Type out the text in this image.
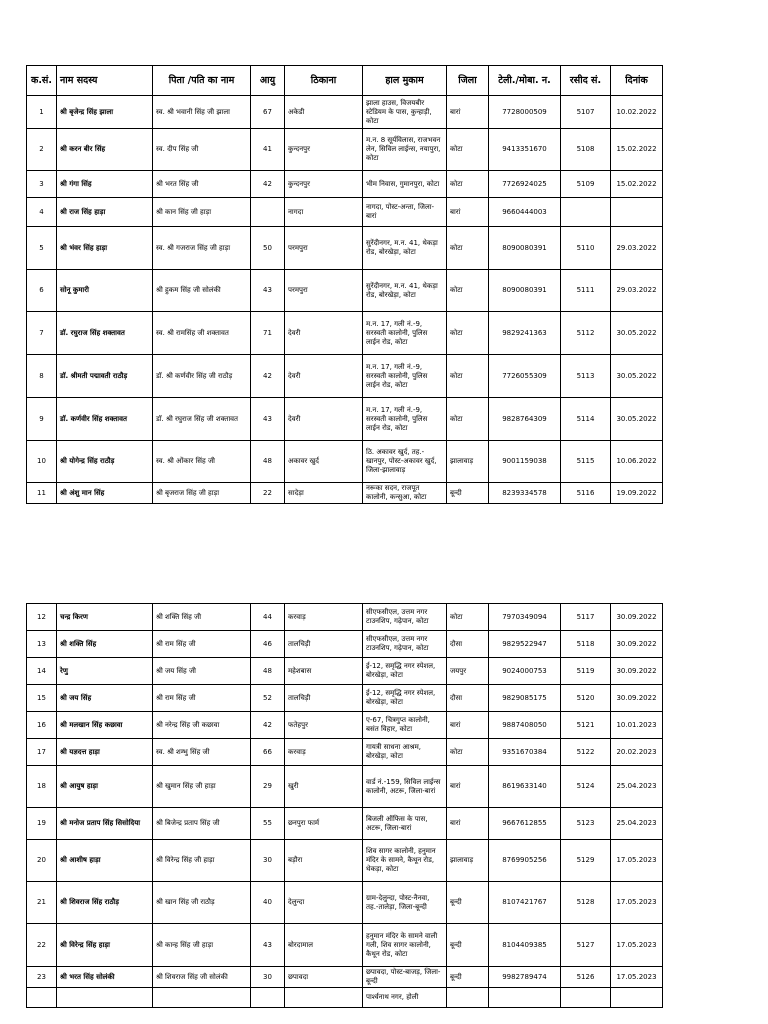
क.सं.	नाम सदस्य	पिता /पति का नाम	आयु	ठिकाना	हाल मुकाम	जिला	टेली./मोबा. न.	रसीद सं.	दिनांक
1	श्री बृजेन्द्र सिंह झाला	स्व. श्री भवानी सिंह जी झाला	67	अकेडी	झाला हाउस, विजयबीर स्टेडियम के पास, कुन्हाड़ी, कोटा	बारां	7728000509	5107	10.02.2022
2	श्री करन बीर सिंह	स्व. दीप सिंह जी	41	कुन्दनपुर	म.न. 8 सूर्यविलास, राजभवन लेन, सिविल लाईन्स, नयापुरा, कोटा	कोटा	9413351670	5108	15.02.2022
3	श्री गंगा सिंह	श्री भरत सिंह जी	42	कुन्दनपुर	भीम निवास, गुमानपुरा, कोटा	कोटा	7726924025	5109	15.02.2022
4	श्री राज सिंह हाड़ा	श्री कान सिंह जी हाड़ा		नागदा	नागदा, पोस्ट-अन्ता, जिला-बारां	बारां	9660444003		
5	श्री भंवर सिंह हाड़ा	स्व. श्री गजराज सिंह जी हाड़ा	50	परमपुरा	सुरेंदीनगर, म.न. 41, थेकड़ा रोड, बोरखेड़ा, कोटा	कोटा	8090080391	5110	29.03.2022
6	सोनू कुमारी	श्री हुकम सिंह जी सोलंकी	43	परमपुरा	सुरेंदीनगर, म.न. 41, थेकड़ा रोड, बोरखेड़ा, कोटा	कोटा	8090080391	5111	29.03.2022
7	डॉ. रघुराज सिंह शक्तावत	स्व. श्री रामसिंह जी शक्तावत	71	देवरी	म.न. 17, गली नं.-9, सरस्वती कालोनी, पुलिस लाईन रोड, कोटा	कोटा	9829241363	5112	30.05.2022
8	डॉ. श्रीमती पद्मावती राठौड़	डॉ. श्री कर्णवीर सिंह जी राठौड़	42	देवरी	म.न. 17, गली नं.-9, सरस्वती कालोनी, पुलिस लाईन रोड, कोटा	कोटा	7726055309	5113	30.05.2022
9	डॉ. कर्णवीर सिंह शक्तावत	डॉ. श्री रघुराज सिंह जी शक्तावत	43	देवरी	म.न. 17, गली नं.-9, सरस्वती कालोनी, पुलिस लाईन रोड, कोटा	कोटा	9828764309	5114	30.05.2022
10	श्री योगेन्द्र सिंह राठौड़	स्व. श्री ओंकार सिंह जी	48	अकावर खुर्द	ठि. अकावर खुर्द, तह.-खानपुर, पोस्ट-अकावर खुर्द, जिला-झालावाड़	झालावाड़	9001159038	5115	10.06.2022
11	श्री अंशु मान सिंह	श्री बृजराज सिंह जी हाड़ा	22	सादेड़ा	नरूका सदन, राजपूत कालोनी, कन्सुआ, कोटा	बून्दी	8239334578	5116	19.09.2022
12	चन्द्र किरण	श्री शक्ति सिंह जी	44	करवाड़	सीएफसीएल, उत्तम नगर टाउनशिप, गढ़ेपान, कोटा	कोटा	7970349094	5117	30.09.2022
13	श्री शक्ति सिंह	श्री राम सिंह जी	46	तालचिड़ी	सीएफसीएल, उत्तम नगर टाउनशिप, गढ़ेपान, कोटा	दौसा	9829522947	5118	30.09.2022
14	रेणु	श्री जय सिंह जी	48	महेशबास	ई-12, समृद्धि नगर स्पेशल, बोरखेड़ा, कोटा	जयपुर	9024000753	5119	30.09.2022
15	श्री जय सिंह	श्री राम सिंह जी	52	तालचिड़ी	ई-12, समृद्धि नगर स्पेशल, बोरखेड़ा, कोटा	दौसा	9829085175	5120	30.09.2022
16	श्री मलखान सिंह कछावा	श्री नरेन्द्र सिंह जी कछावा	42	फतेहपुर	ए-67, चित्रगुप्त कालोनी, बसंत विहार, कोटा	बारां	9887408050	5121	10.01.2023
17	श्री यज्ञदत्त हाड़ा	स्व. श्री शम्भु सिंह जी	66	करवाड़	गायत्री साधना आश्रम, बोरखेड़ा, कोटा	कोटा	9351670384	5122	20.02.2023
18	श्री आयुष हाड़ा	श्री खुमान सिंह जी हाड़ा	29	खुरी	वार्ड नं.-159, सिविल लाईन्स कालोनी, अटरू, जिला-बारां	बारां	8619633140	5124	25.04.2023
19	श्री मनोज प्रताप सिंह सिसोदिया	श्री बिजेन्द्र प्रताप सिंह जी	55	छनपुरा फार्म	बिजली ऑफिस के पास, अटरू, जिला-बारां	बारां	9667612855	5123	25.04.2023
20	श्री आशीष हाड़ा	श्री विरेन्द्र सिंह जी हाड़ा	30	बड़ौरा	शिव सागर कालोनी, हनुमान मंदिर के सामने, कैथून रोड, थेकड़ा, कोटा	झालावाड़	8769905256	5129	17.05.2023
21	श्री शिवराज सिंह राठौड़	श्री खान सिंह जी राठौड़	40	देलुन्दा	ग्राम-देलुन्दा, पोस्ट-नैनवा, तह.-तालेड़ा, जिला-बून्दी	बून्दी	8107421767	5128	17.05.2023
22	श्री विरेन्द्र सिंह हाड़ा	श्री कान्ह सिंह जी हाड़ा	43	बोरदामाल	हनुमान मंदिर के सामने वाली गली, शिव सागर कालोनी, कैथून रोड, कोटा	बून्दी	8104409385	5127	17.05.2023
23	श्री भरत सिंह सोलंकी	श्री शिवराज सिंह जी सोलंकी	30	छपावदा	छपावदा, पोस्ट-बाजड़, जिला-बून्दी	बून्दी	9982789474	5126	17.05.2023
					पार्श्वनाथ नगर, होली				
